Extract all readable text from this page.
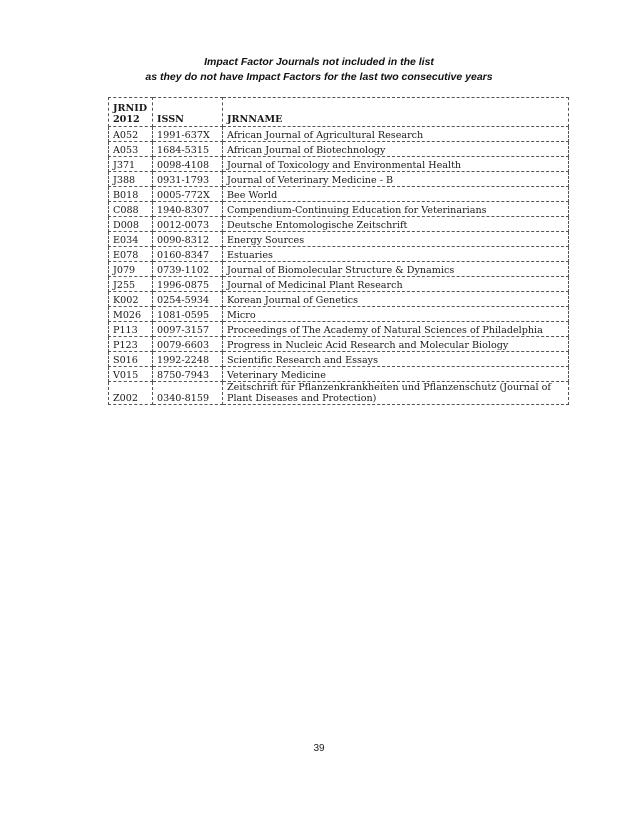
Impact Factor Journals not included in the list
as they do not have Impact Factors for the last two consecutive years
JRNID 2012	ISSN	JRNNAME
A052	1991-637X	African Journal of Agricultural Research
A053	1684-5315	African Journal of Biotechnology
J371	0098-4108	Journal of Toxicology and Environmental Health
J388	0931-1793	Journal of Veterinary Medicine - B
B018	0005-772X	Bee World
C088	1940-8307	Compendium-Continuing Education for Veterinarians
D008	0012-0073	Deutsche Entomologische Zeitschrift
E034	0090-8312	Energy Sources
E078	0160-8347	Estuaries
J079	0739-1102	Journal of Biomolecular Structure & Dynamics
J255	1996-0875	Journal of Medicinal Plant Research
K002	0254-5934	Korean Journal of Genetics
M026	1081-0595	Micro
P113	0097-3157	Proceedings of The Academy of Natural Sciences of Philadelphia
P123	0079-6603	Progress in Nucleic Acid Research and Molecular Biology
S016	1992-2248	Scientific Research and Essays
V015	8750-7943	Veterinary Medicine
Z002	0340-8159	Zeitschrift für Pflanzenkrankheiten und Pflanzenschutz (Journal of Plant Diseases and Protection)
39
